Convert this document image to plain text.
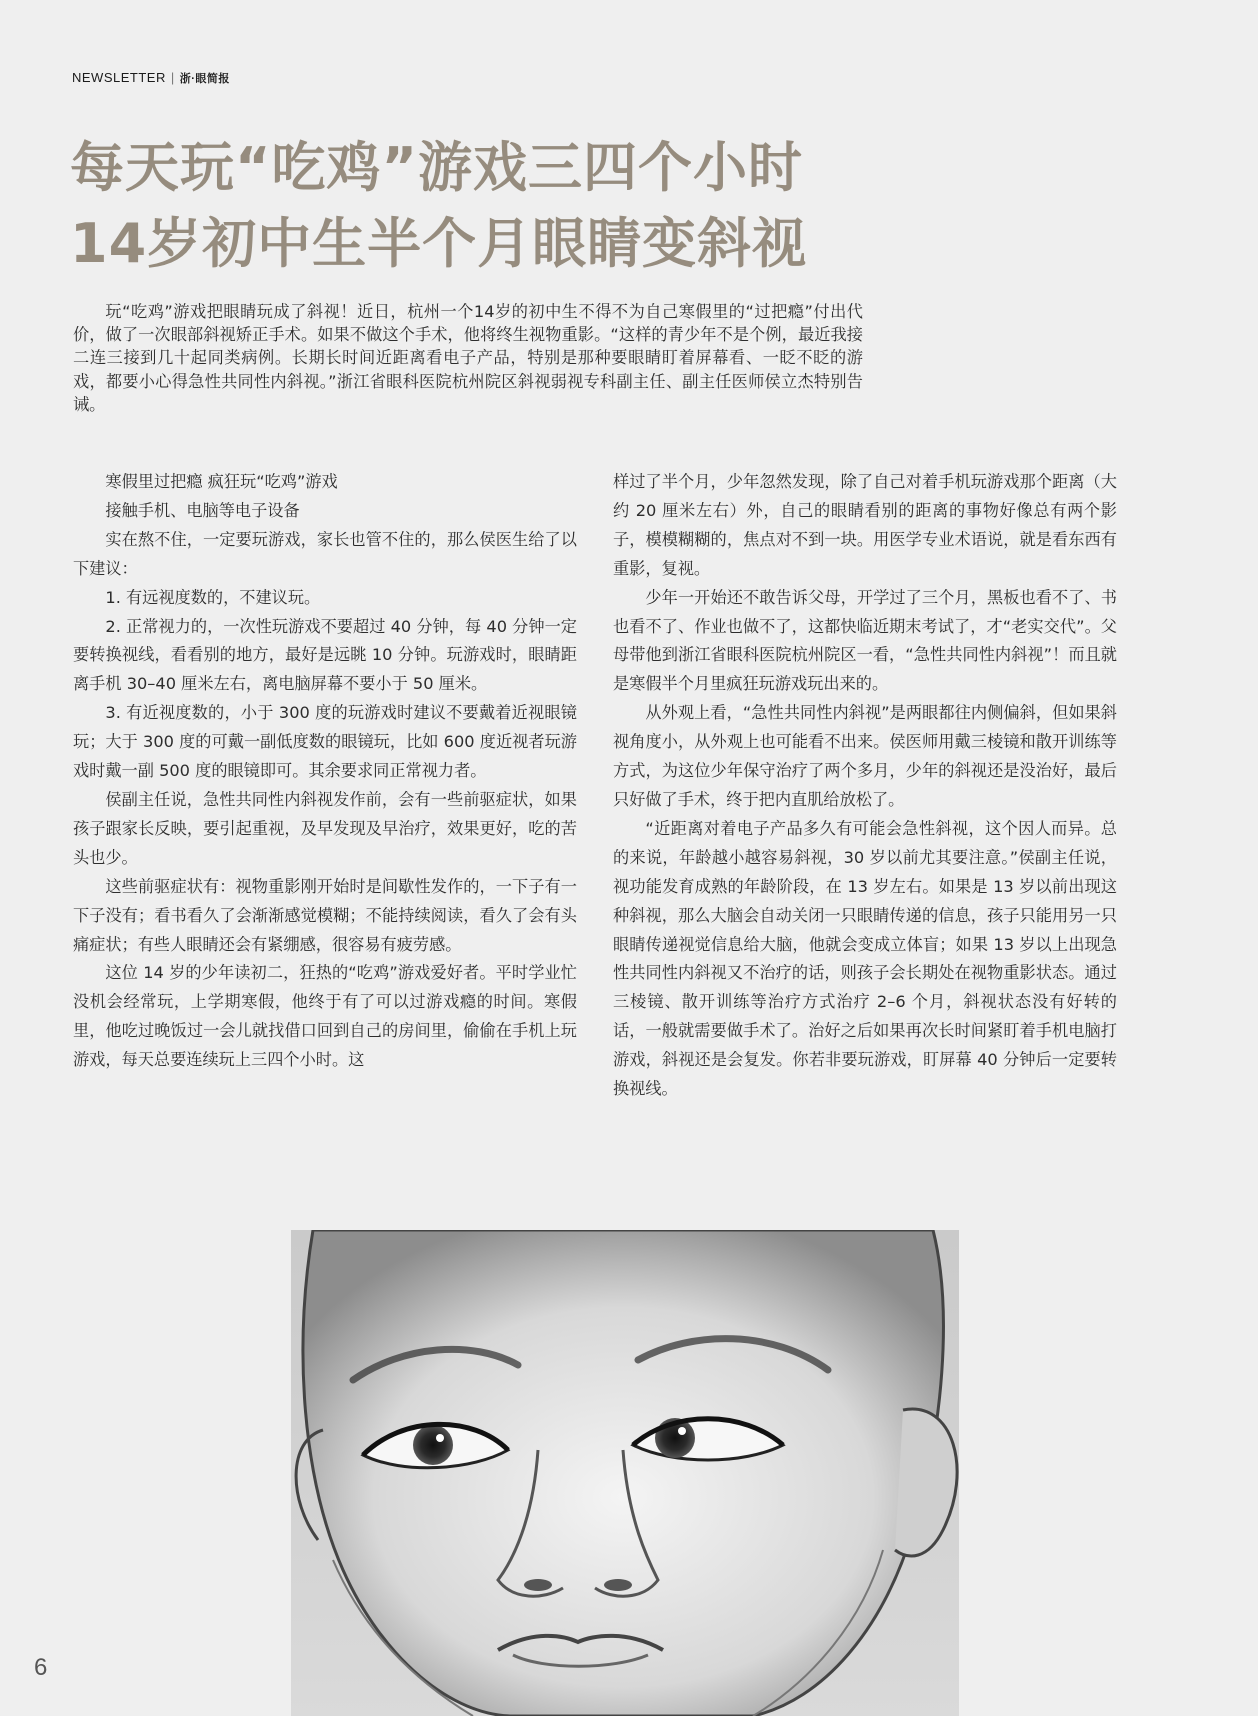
NEWSLETTER | 浙·眼简报
每天玩“吃鸡”游戏三四个小时
14岁初中生半个月眼睛变斜视
玩“吃鸡”游戏把眼睛玩成了斜视！近日，杭州一个14岁的初中生不得不为自己寒假里的“过把瘾”付出代价，做了一次眼部斜视矫正手术。如果不做这个手术，他将终生视物重影。“这样的青少年不是个例，最近我接二连三接到几十起同类病例。长期长时间近距离看电子产品，特别是那种要眼睛盯着屏幕看、一眨不眨的游戏，都要小心得急性共同性内斜视。”浙江省眼科医院杭州院区斜视弱视专科副主任、副主任医师侯立杰特别告诫。

寒假里过把瘾 疯狂玩“吃鸡”游戏

接触手机、电脑等电子设备

实在熬不住，一定要玩游戏，家长也管不住的，那么侯医生给了以下建议：

1. 有远视度数的，不建议玩。

2. 正常视力的，一次性玩游戏不要超过 40 分钟，每 40 分钟一定要转换视线，看看别的地方，最好是远眺 10 分钟。玩游戏时，眼睛距离手机 30–40 厘米左右，离电脑屏幕不要小于 50 厘米。

3. 有近视度数的，小于 300 度的玩游戏时建议不要戴着近视眼镜玩；大于 300 度的可戴一副低度数的眼镜玩，比如 600 度近视者玩游戏时戴一副 500 度的眼镜即可。其余要求同正常视力者。

侯副主任说，急性共同性内斜视发作前，会有一些前驱症状，如果孩子跟家长反映，要引起重视，及早发现及早治疗，效果更好，吃的苦头也少。

这些前驱症状有：视物重影刚开始时是间歇性发作的，一下子有一下子没有；看书看久了会渐渐感觉模糊；不能持续阅读，看久了会有头痛症状；有些人眼睛还会有紧绷感，很容易有疲劳感。

这位 14 岁的少年读初二，狂热的“吃鸡”游戏爱好者。平时学业忙没机会经常玩，上学期寒假，他终于有了可以过游戏瘾的时间。寒假里，他吃过晚饭过一会儿就找借口回到自己的房间里，偷偷在手机上玩游戏，每天总要连续玩上三四个小时。这

样过了半个月，少年忽然发现，除了自己对着手机玩游戏那个距离（大约 20 厘米左右）外，自己的眼睛看别的距离的事物好像总有两个影子，模模糊糊的，焦点对不到一块。用医学专业术语说，就是看东西有重影，复视。

少年一开始还不敢告诉父母，开学过了三个月，黑板也看不了、书也看不了、作业也做不了，这都快临近期末考试了，才“老实交代”。父母带他到浙江省眼科医院杭州院区一看，“急性共同性内斜视”！而且就是寒假半个月里疯狂玩游戏玩出来的。

从外观上看，“急性共同性内斜视”是两眼都往内侧偏斜，但如果斜视角度小，从外观上也可能看不出来。侯医师用戴三棱镜和散开训练等方式，为这位少年保守治疗了两个多月，少年的斜视还是没治好，最后只好做了手术，终于把内直肌给放松了。

“近距离对着电子产品多久有可能会急性斜视，这个因人而异。总的来说，年龄越小越容易斜视，30 岁以前尤其要注意。”侯副主任说，视功能发育成熟的年龄阶段，在 13 岁左右。如果是 13 岁以前出现这种斜视，那么大脑会自动关闭一只眼睛传递的信息，孩子只能用另一只眼睛传递视觉信息给大脑，他就会变成立体盲；如果 13 岁以上出现急性共同性内斜视又不治疗的话，则孩子会长期处在视物重影状态。通过三棱镜、散开训练等治疗方式治疗 2–6 个月，斜视状态没有好转的话，一般就需要做手术了。治好之后如果再次长时间紧盯着手机电脑打游戏，斜视还是会复发。你若非要玩游戏，盯屏幕 40 分钟后一定要转换视线。

6
